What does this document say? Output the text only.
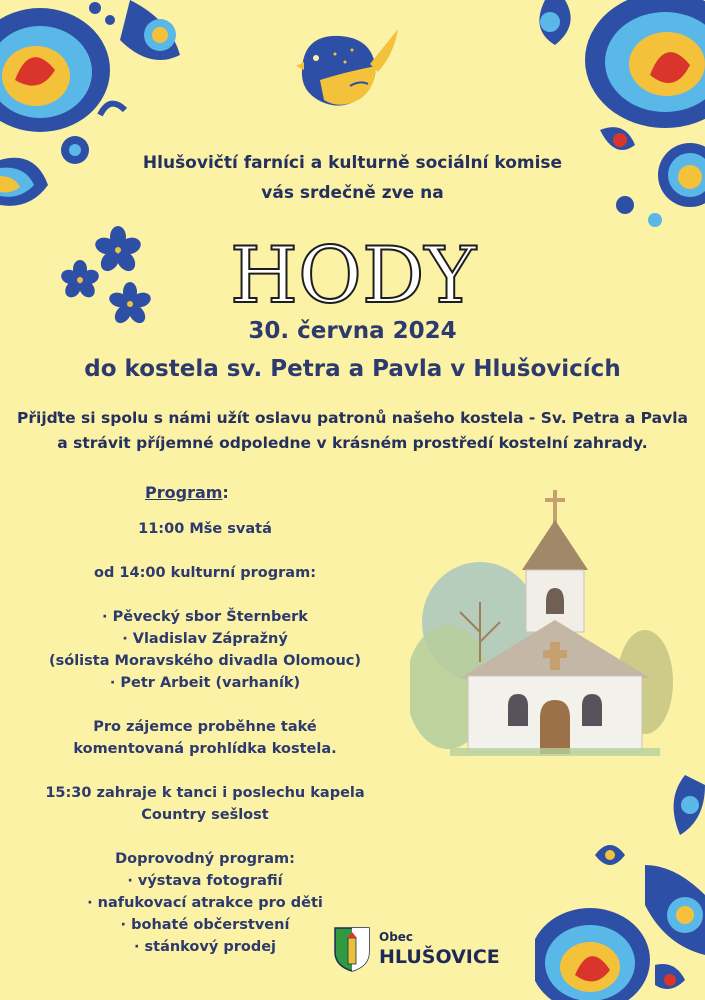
Hlušovičtí farníci a kulturně sociální komise
vás srdečně zve na
HODY
30. června 2024
do kostela sv. Petra a Pavla v Hlušovicích
Přijďte si spolu s námi užít oslavu patronů našeho kostela - Sv. Petra a Pavla
a strávit příjemné odpoledne v krásném prostředí kostelní zahrady.
Program:
11:00 Mše svatá
od 14:00 kulturní program:
· Pěvecký sbor Šternberk
· Vladislav Zápražný
(sólista Moravského divadla Olomouc)
· Petr Arbeit (varhaník)
Pro zájemce proběhne také
komentovaná prohlídka kostela.
15:30 zahraje k tanci i poslechu kapela
Country sešlost
Doprovodný program:
· výstava fotografií
· nafukovací atrakce pro děti
· bohaté občerstvení
· stánkový prodej
Obec
HLUŠOVICE
